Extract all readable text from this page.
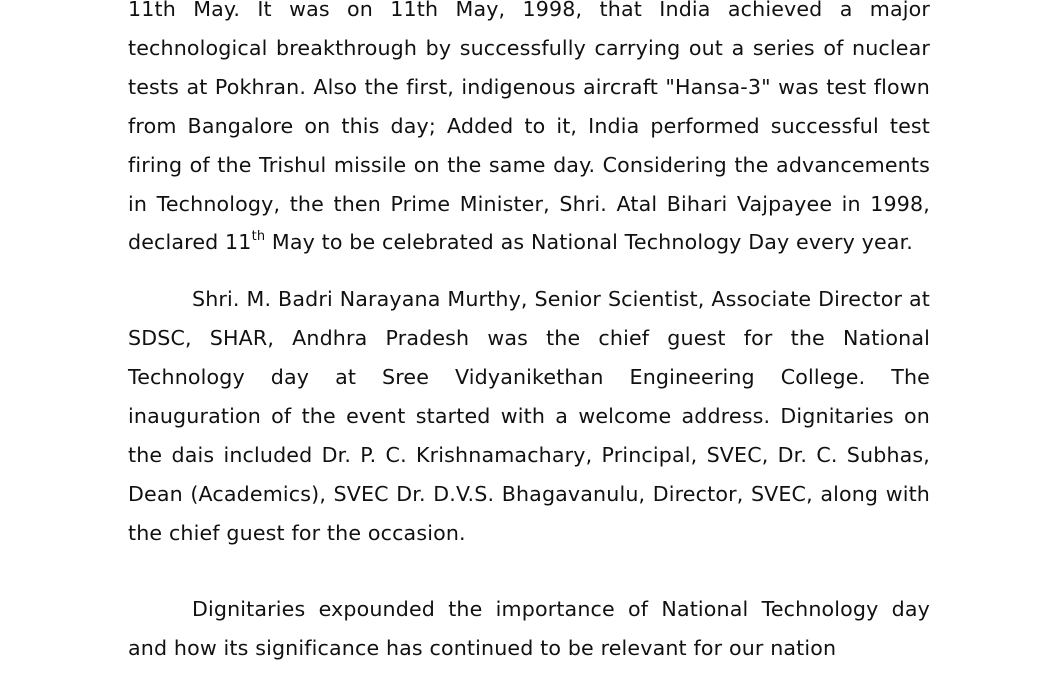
11th May. It was on 11th May, 1998, that India achieved a major technological breakthrough by successfully carrying out a series of nuclear tests at Pokhran. Also the first, indigenous aircraft "Hansa-3" was test flown from Bangalore on this day; Added to it, India performed successful test firing of the Trishul missile on the same day. Considering the advancements in Technology, the then Prime Minister, Shri. Atal Bihari Vajpayee in 1998, declared 11th May to be celebrated as National Technology Day every year.

Shri. M. Badri Narayana Murthy, Senior Scientist, Associate Director at SDSC, SHAR, Andhra Pradesh was the chief guest for the National Technology day at Sree Vidyanikethan Engineering College. The inauguration of the event started with a welcome address. Dignitaries on the dais included Dr. P. C. Krishnamachary, Principal, SVEC, Dr. C. Subhas, Dean (Academics), SVEC Dr. D.V.S. Bhagavanulu, Director, SVEC, along with the chief guest for the occasion.

Dignitaries expounded the importance of National Technology day and how its significance has continued to be relevant for our nation
